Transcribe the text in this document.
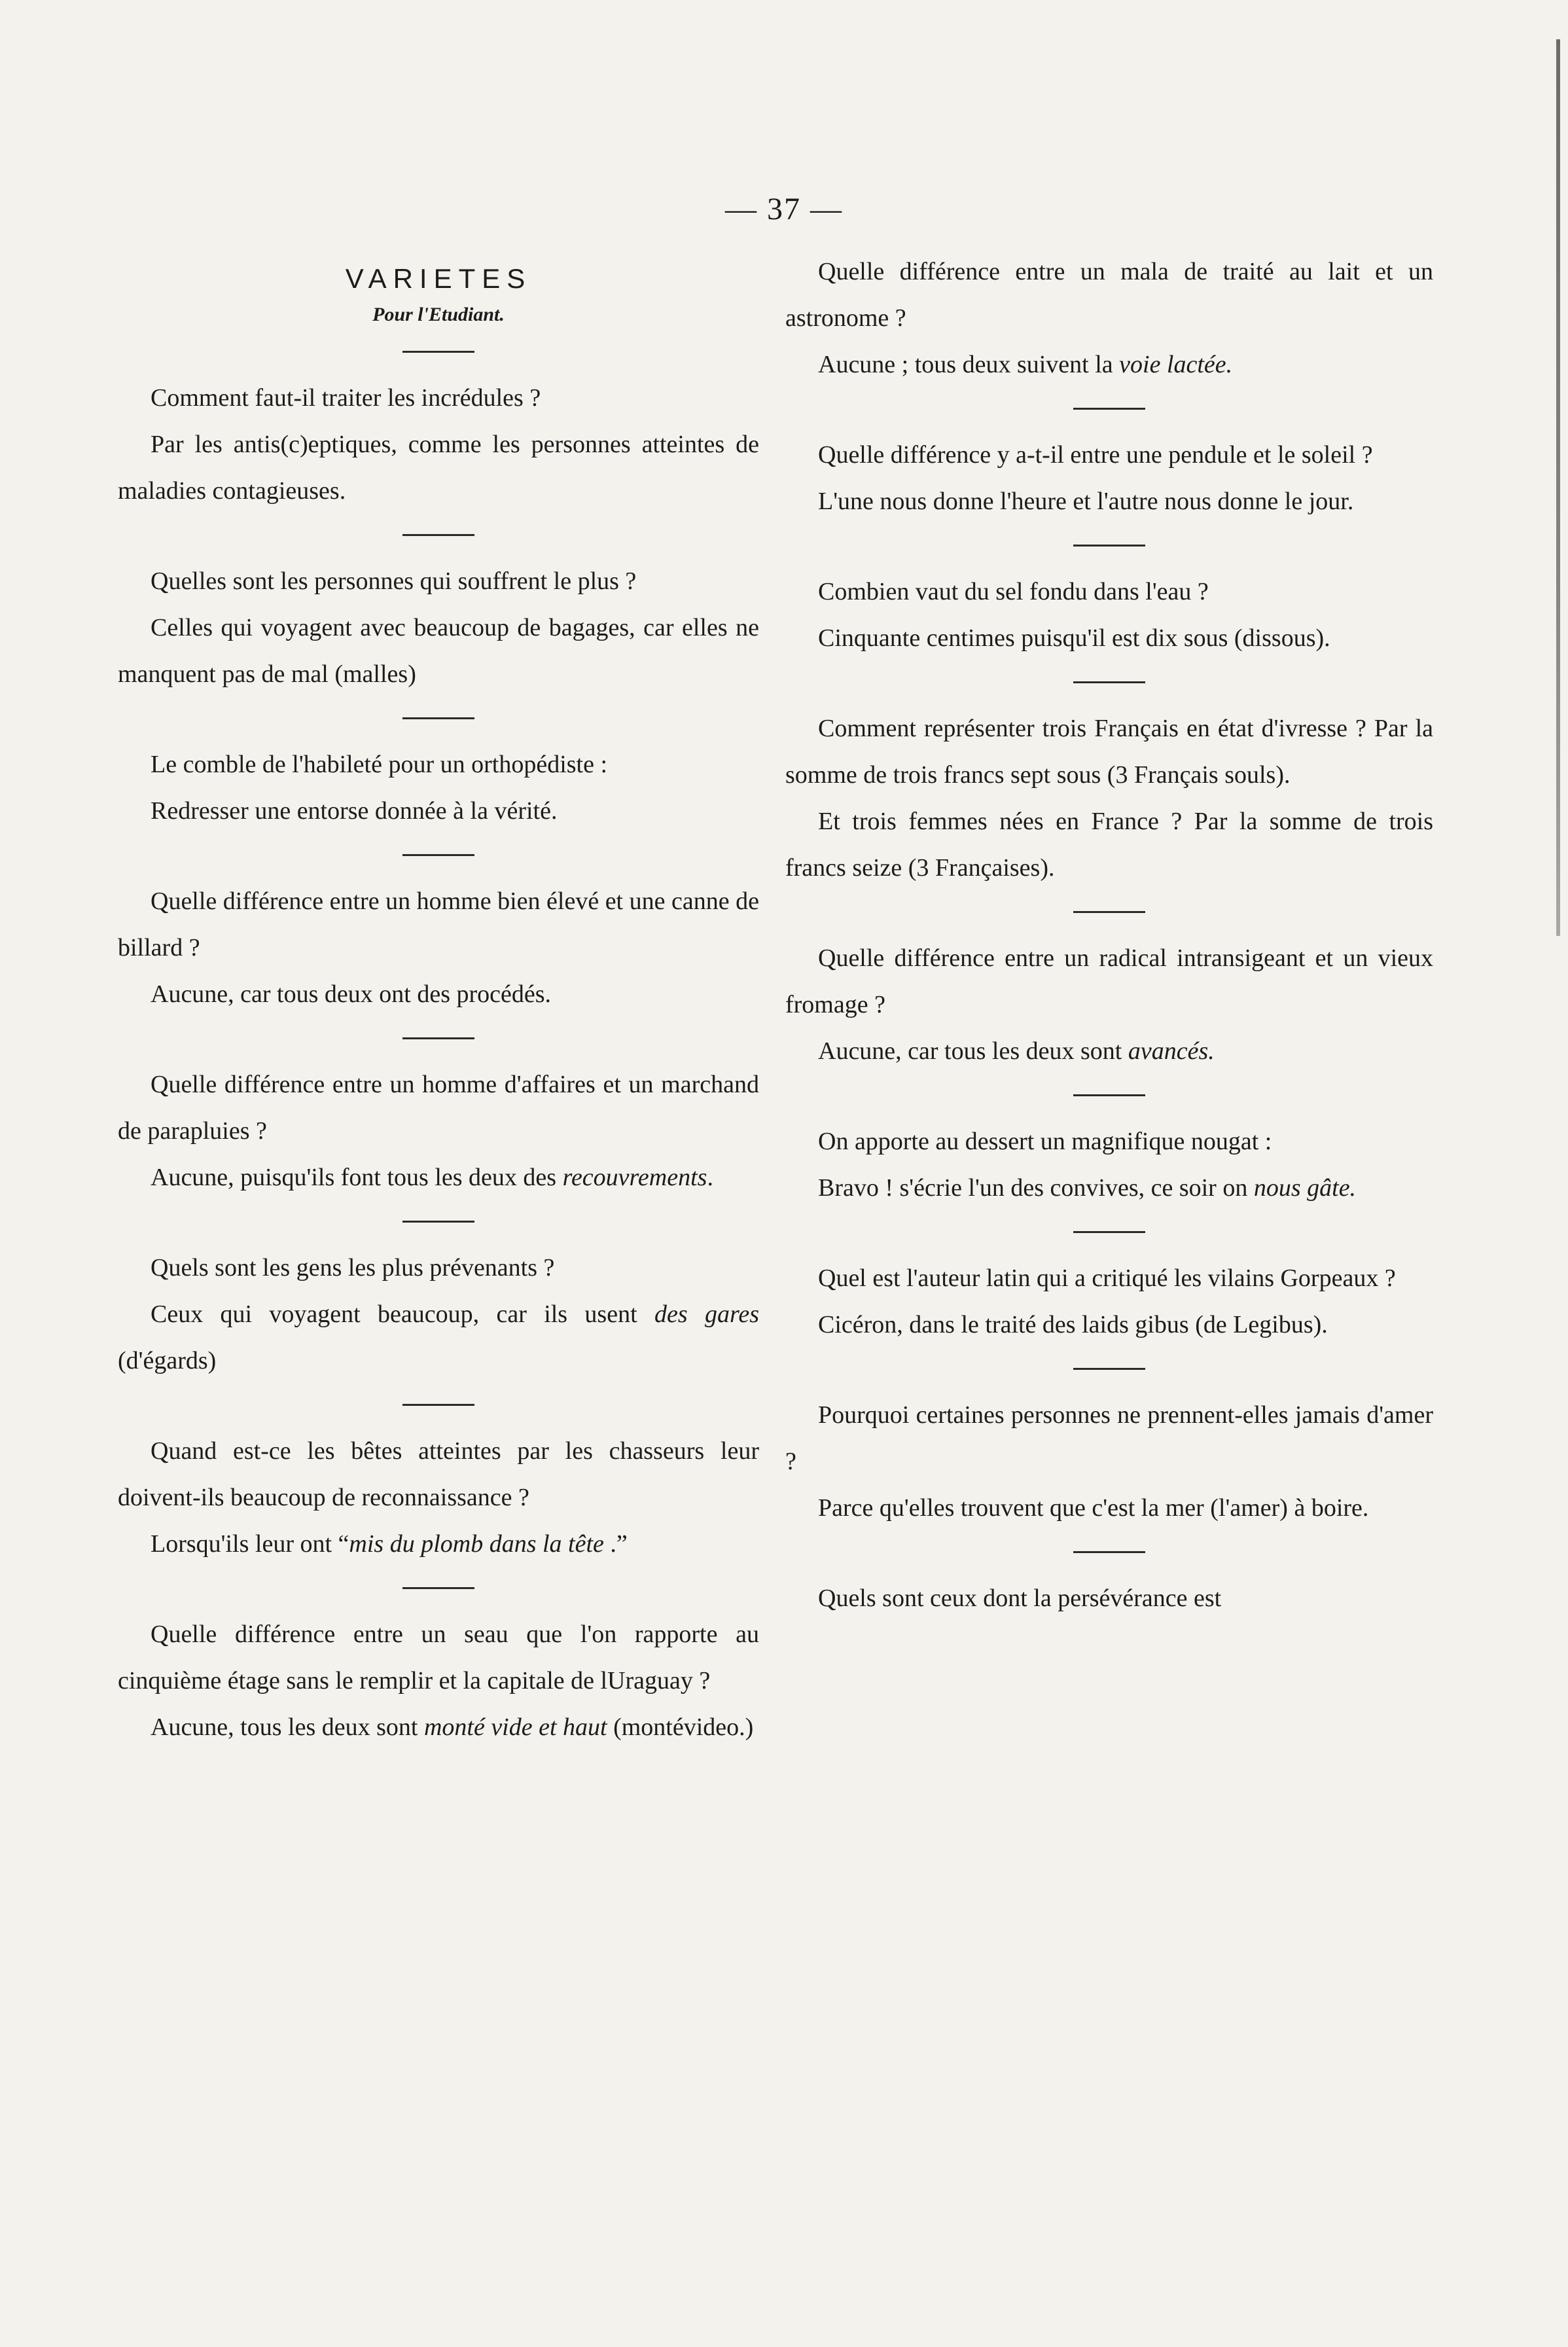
— 37 —
VARIETES
Pour l'Etudiant.

Comment faut-il traiter les incrédules ?

Par les antis(c)eptiques, comme les personnes atteintes de maladies contagieuses.

Quelles sont les personnes qui souffrent le plus ?

Celles qui voyagent avec beaucoup de bagages, car elles ne manquent pas de mal (malles)

Le comble de l'habileté pour un orthopédiste :

Redresser une entorse donnée à la vérité.

Quelle différence entre un homme bien élevé et une canne de billard ?

Aucune, car tous deux ont des procédés.

Quelle différence entre un homme d'affaires et un marchand de parapluies ?

Aucune, puisqu'ils font tous les deux des recouvrements.

Quels sont les gens les plus prévenants ?

Ceux qui voyagent beaucoup, car ils usent des gares (d'égards)

Quand est-ce les bêtes atteintes par les chasseurs leur doivent-ils beaucoup de reconnaissance ?

Lorsqu'ils leur ont “mis du plomb dans la tête .”

Quelle différence entre un seau que l'on rapporte au cinquième étage sans le remplir et la capitale de lUraguay ?

Aucune, tous les deux sont monté vide et haut (montévideo.)

Quelle différence entre un mala de traité au lait et un astronome ?

Aucune ; tous deux suivent la voie lactée.

Quelle différence y a-t-il entre une pendule et le soleil ?

L'une nous donne l'heure et l'autre nous donne le jour.

Combien vaut du sel fondu dans l'eau ?

Cinquante centimes puisqu'il est dix sous (dissous).

Comment représenter trois Français en état d'ivresse ? Par la somme de trois francs sept sous (3 Français souls).

Et trois femmes nées en France ? Par la somme de trois francs seize (3 Françaises).

Quelle différence entre un radical intransigeant et un vieux fromage ?

Aucune, car tous les deux sont avancés.

On apporte au dessert un magnifique nougat :

Bravo ! s'écrie l'un des convives, ce soir on nous gâte.

Quel est l'auteur latin qui a critiqué les vilains Gorpeaux ?

Cicéron, dans le traité des laids gibus (de Legibus).

Pourquoi certaines personnes ne prennent-elles jamais d'amer ?

Parce qu'elles trouvent que c'est la mer (l'amer) à boire.

Quels sont ceux dont la persévérance est
